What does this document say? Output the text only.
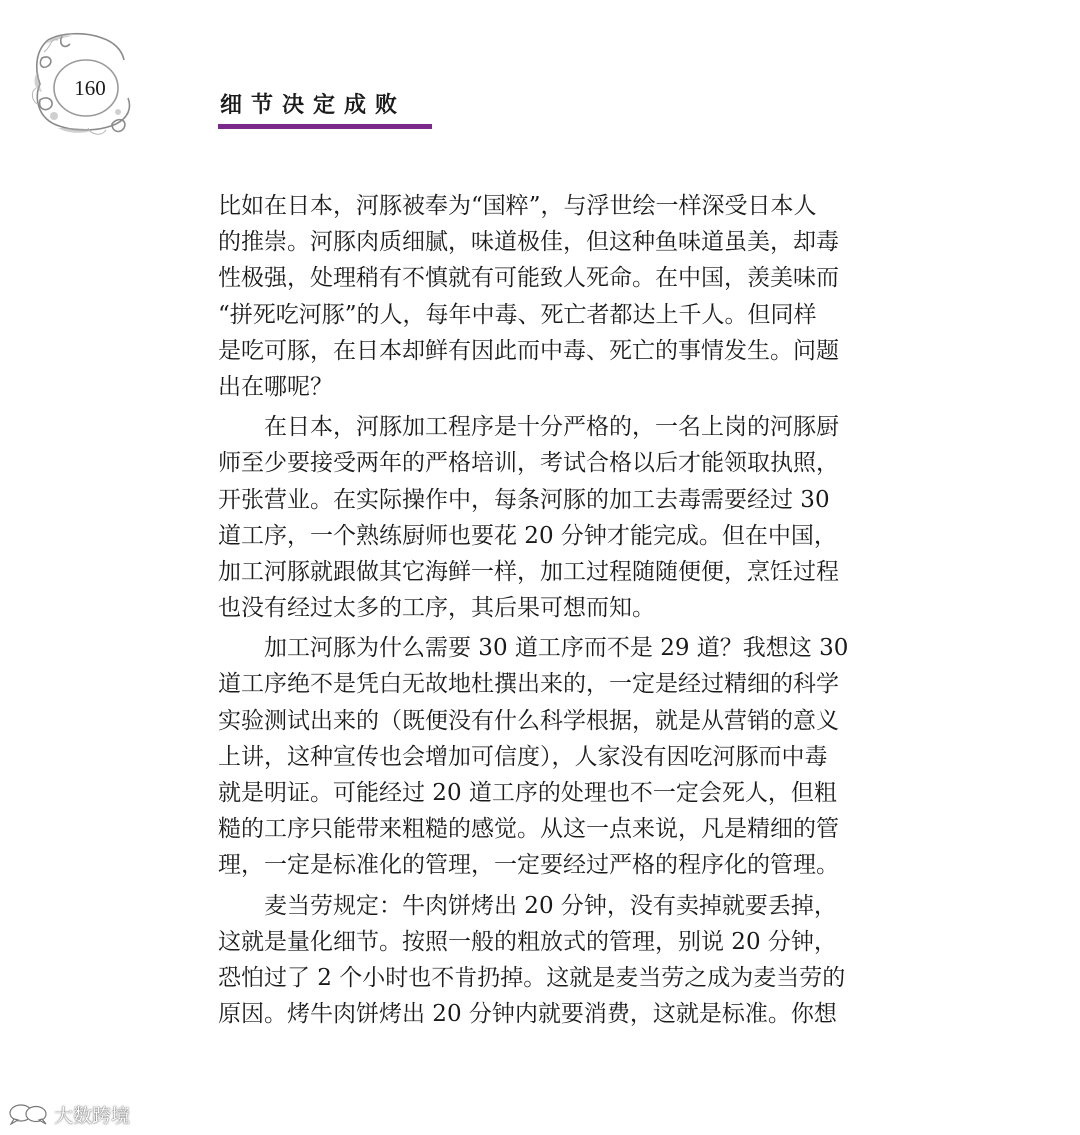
160
细节决定成败

比如在日本，河豚被奉为“国粹”，与浮世绘一样深受日本人

的推崇。河豚肉质细腻，味道极佳，但这种鱼味道虽美，却毒

性极强，处理稍有不慎就有可能致人死命。在中国，羡美味而

“拼死吃河豚”的人，每年中毒、死亡者都达上千人。但同样

是吃可豚，在日本却鲜有因此而中毒、死亡的事情发生。问题

出在哪呢？

　　在日本，河豚加工程序是十分严格的，一名上岗的河豚厨

师至少要接受两年的严格培训，考试合格以后才能领取执照，

开张营业。在实际操作中，每条河豚的加工去毒需要经过 30

道工序，一个熟练厨师也要花 20 分钟才能完成。但在中国，

加工河豚就跟做其它海鲜一样，加工过程随随便便，烹饪过程

也没有经过太多的工序，其后果可想而知。

　　加工河豚为什么需要 30 道工序而不是 29 道？我想这 30

道工序绝不是凭白无故地杜撰出来的，一定是经过精细的科学

实验测试出来的（既便没有什么科学根据，就是从营销的意义

上讲，这种宣传也会增加可信度），人家没有因吃河豚而中毒

就是明证。可能经过 20 道工序的处理也不一定会死人，但粗

糙的工序只能带来粗糙的感觉。从这一点来说，凡是精细的管

理，一定是标准化的管理，一定要经过严格的程序化的管理。

　　麦当劳规定：牛肉饼烤出 20 分钟，没有卖掉就要丢掉，

这就是量化细节。按照一般的粗放式的管理，别说 20 分钟，

恐怕过了 2 个小时也不肯扔掉。这就是麦当劳之成为麦当劳的

原因。烤牛肉饼烤出 20 分钟内就要消费，这就是标准。你想

大数跨境
